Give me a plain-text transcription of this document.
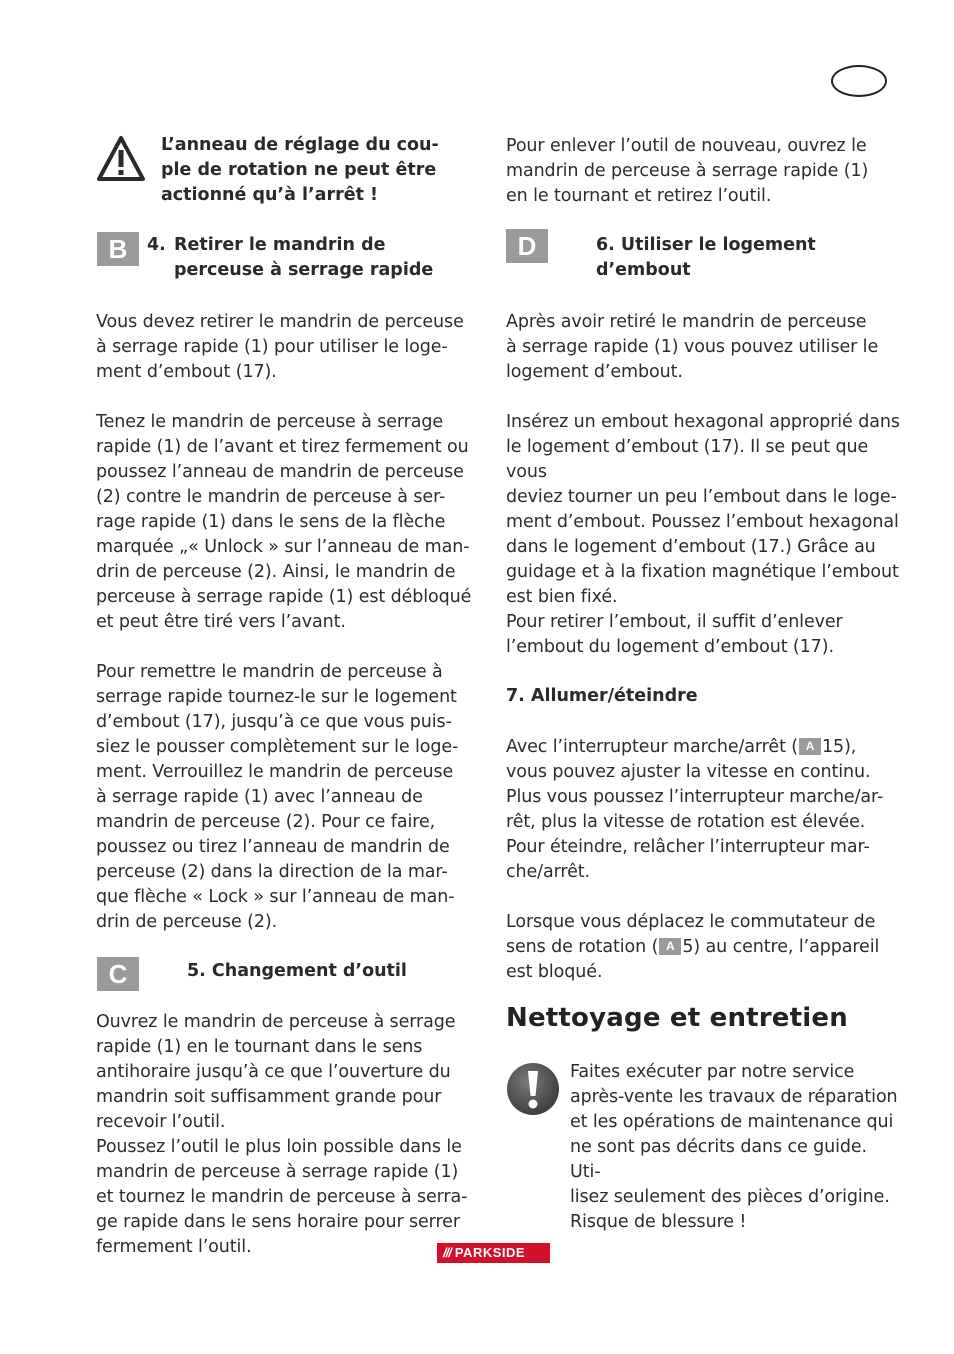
L’anneau de réglage du cou-
ple de rotation ne peut être
actionné qu’à l’arrêt !
B	4. Retirer le mandrin de
perceuse à serrage rapide
Vous devez retirer le mandrin de perceuse
à serrage rapide (1) pour utiliser le loge-
ment d’embout (17).
Tenez le mandrin de perceuse à serrage
rapide (1) de l’avant et tirez fermement ou
poussez l’anneau de mandrin de perceuse
(2) contre le mandrin de perceuse à ser-
rage rapide (1) dans le sens de la flèche
marquée „« Unlock » sur l’anneau de man-
drin de perceuse (2). Ainsi, le mandrin de
perceuse à serrage rapide (1) est débloqué
et peut être tiré vers l’avant.
Pour remettre le mandrin de perceuse à
serrage rapide tournez-le sur le logement
d’embout (17), jusqu’à ce que vous puis-
siez le pousser complètement sur le loge-
ment. Verrouillez le mandrin de perceuse
à serrage rapide (1) avec l’anneau de
mandrin de perceuse (2). Pour ce faire,
poussez ou tirez l’anneau de mandrin de
perceuse (2) dans la direction de la mar-
que flèche « Lock » sur l’anneau de man-
drin de perceuse (2).
C	5. Changement d’outil
Ouvrez le mandrin de perceuse à serrage
rapide (1) en le tournant dans le sens
antihoraire jusqu’à ce que l’ouverture du
mandrin soit suffisamment grande pour
recevoir l’outil.
Poussez l’outil le plus loin possible dans le
mandrin de perceuse à serrage rapide (1)
et tournez le mandrin de perceuse à serra-
ge rapide dans le sens horaire pour serrer
fermement l’outil.
Pour enlever l’outil de nouveau, ouvrez le
mandrin de perceuse à serrage rapide (1)
en le tournant et retirez l’outil.
D	6. Utiliser le logement
d’embout
Après avoir retiré le mandrin de perceuse
à serrage rapide (1) vous pouvez utiliser le
logement d’embout.
Insérez un embout hexagonal approprié dans
le logement d’embout (17). Il se peut que vous
deviez tourner un peu l’embout dans le loge-
ment d’embout. Poussez l’embout hexagonal
dans le logement d’embout (17.) Grâce au
guidage et à la fixation magnétique l’embout
est bien fixé.
Pour retirer l’embout, il suffit d’enlever
l’embout du logement d’embout (17).
7. Allumer/éteindre
Avec l’interrupteur marche/arrêt ( A 15),
vous pouvez ajuster la vitesse en continu.
Plus vous poussez l’interrupteur marche/ar-
rêt, plus la vitesse de rotation est élevée.
Pour éteindre, relâcher l’interrupteur mar-
che/arrêt.
Lorsque vous déplacez le commutateur de
sens de rotation ( A 5) au centre, l’appareil
est bloqué.
Nettoyage et entretien
Faites exécuter par notre service
après-vente les travaux de réparation
et les opérations de maintenance qui
ne sont pas décrits dans ce guide. Uti-
lisez seulement des pièces d’origine.
Risque de blessure !
/// PARKSIDE
